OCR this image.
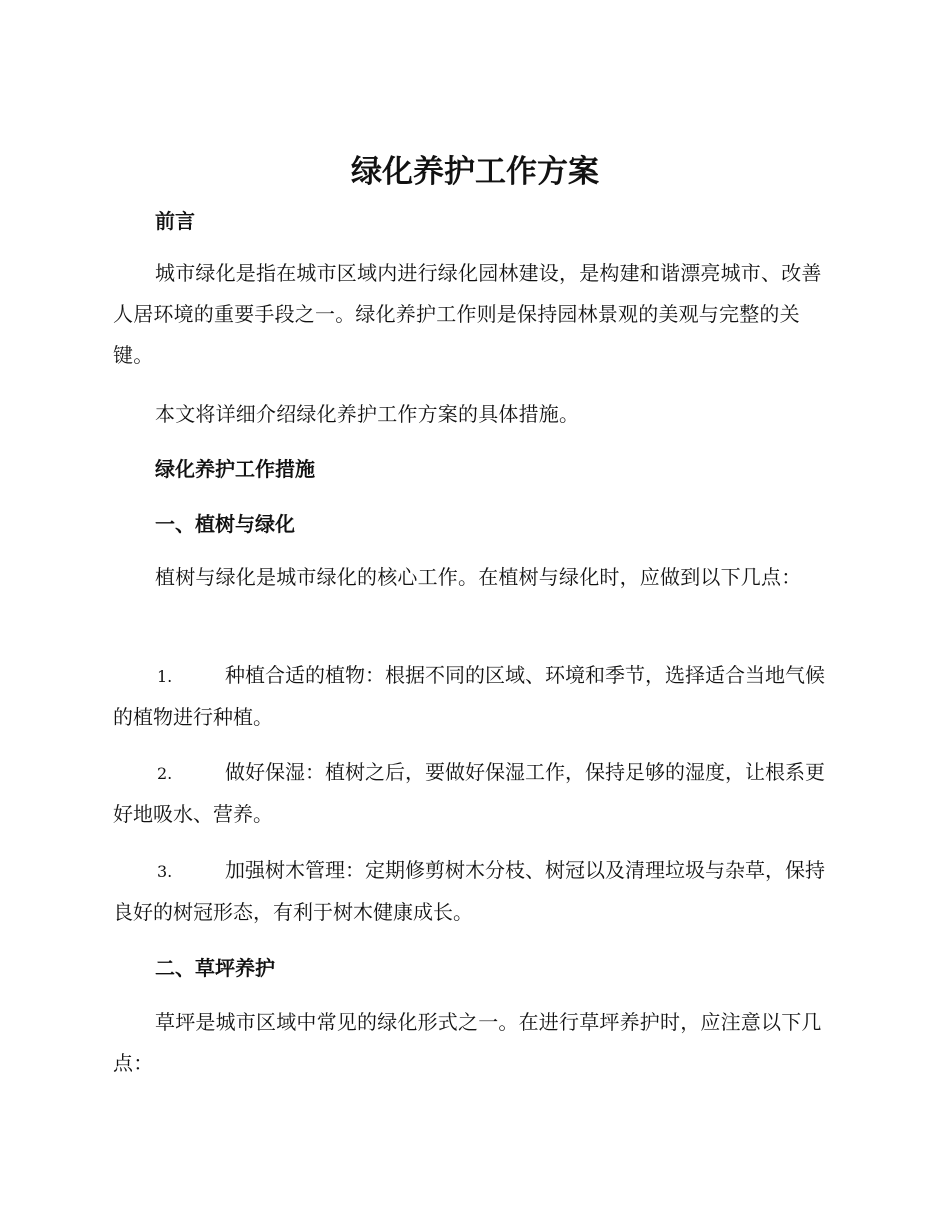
绿化养护工作方案
前言

城市绿化是指在城市区域内进行绿化园林建设，是构建和谐漂亮城市、改善人居环境的重要手段之一。绿化养护工作则是保持园林景观的美观与完整的关键。

本文将详细介绍绿化养护工作方案的具体措施。

绿化养护工作措施
一、植树与绿化

植树与绿化是城市绿化的核心工作。在植树与绿化时，应做到以下几点：

1.	种植合适的植物：根据不同的区域、环境和季节，选择适合当地气候的植物进行种植。

2.	做好保湿：植树之后，要做好保湿工作，保持足够的湿度，让根系更好地吸水、营养。

3.	加强树木管理：定期修剪树木分枝、树冠以及清理垃圾与杂草，保持良好的树冠形态，有利于树木健康成长。

二、草坪养护

草坪是城市区域中常见的绿化形式之一。在进行草坪养护时，应注意以下几点：
